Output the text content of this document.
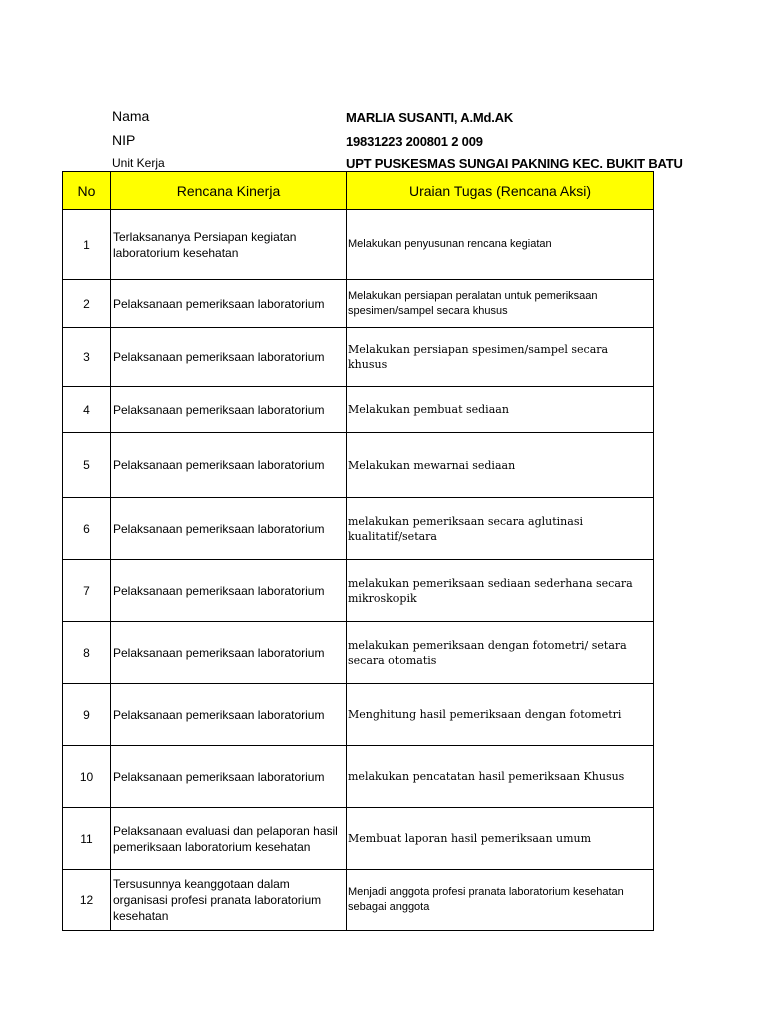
Nama	MARLIA SUSANTI, A.Md.AK
NIP	19831223 200801 2 009
Unit Kerja	UPT PUSKESMAS SUNGAI PAKNING KEC. BUKIT BATU
No	Rencana Kinerja	Uraian Tugas (Rencana Aksi)
1	Terlaksananya Persiapan kegiatan laboratorium kesehatan	Melakukan penyusunan rencana kegiatan
2	Pelaksanaan pemeriksaan laboratorium	Melakukan persiapan peralatan untuk pemeriksaan spesimen/sampel secara khusus
3	Pelaksanaan pemeriksaan laboratorium	Melakukan persiapan spesimen/sampel secara khusus
4	Pelaksanaan pemeriksaan laboratorium	Melakukan pembuat sediaan
5	Pelaksanaan pemeriksaan laboratorium	Melakukan mewarnai sediaan
6	Pelaksanaan pemeriksaan laboratorium	melakukan pemeriksaan secara aglutinasi kualitatif/setara
7	Pelaksanaan pemeriksaan laboratorium	melakukan pemeriksaan sediaan sederhana secara mikroskopik
8	Pelaksanaan pemeriksaan laboratorium	melakukan pemeriksaan dengan fotometri/ setara secara otomatis
9	Pelaksanaan pemeriksaan laboratorium	Menghitung hasil pemeriksaan dengan fotometri
10	Pelaksanaan pemeriksaan laboratorium	melakukan pencatatan hasil pemeriksaan Khusus
11	Pelaksanaan evaluasi dan pelaporan hasil pemeriksaan laboratorium kesehatan	Membuat laporan hasil pemeriksaan umum
12	Tersusunnya keanggotaan dalam organisasi profesi pranata laboratorium kesehatan	Menjadi anggota profesi pranata laboratorium kesehatan sebagai anggota
